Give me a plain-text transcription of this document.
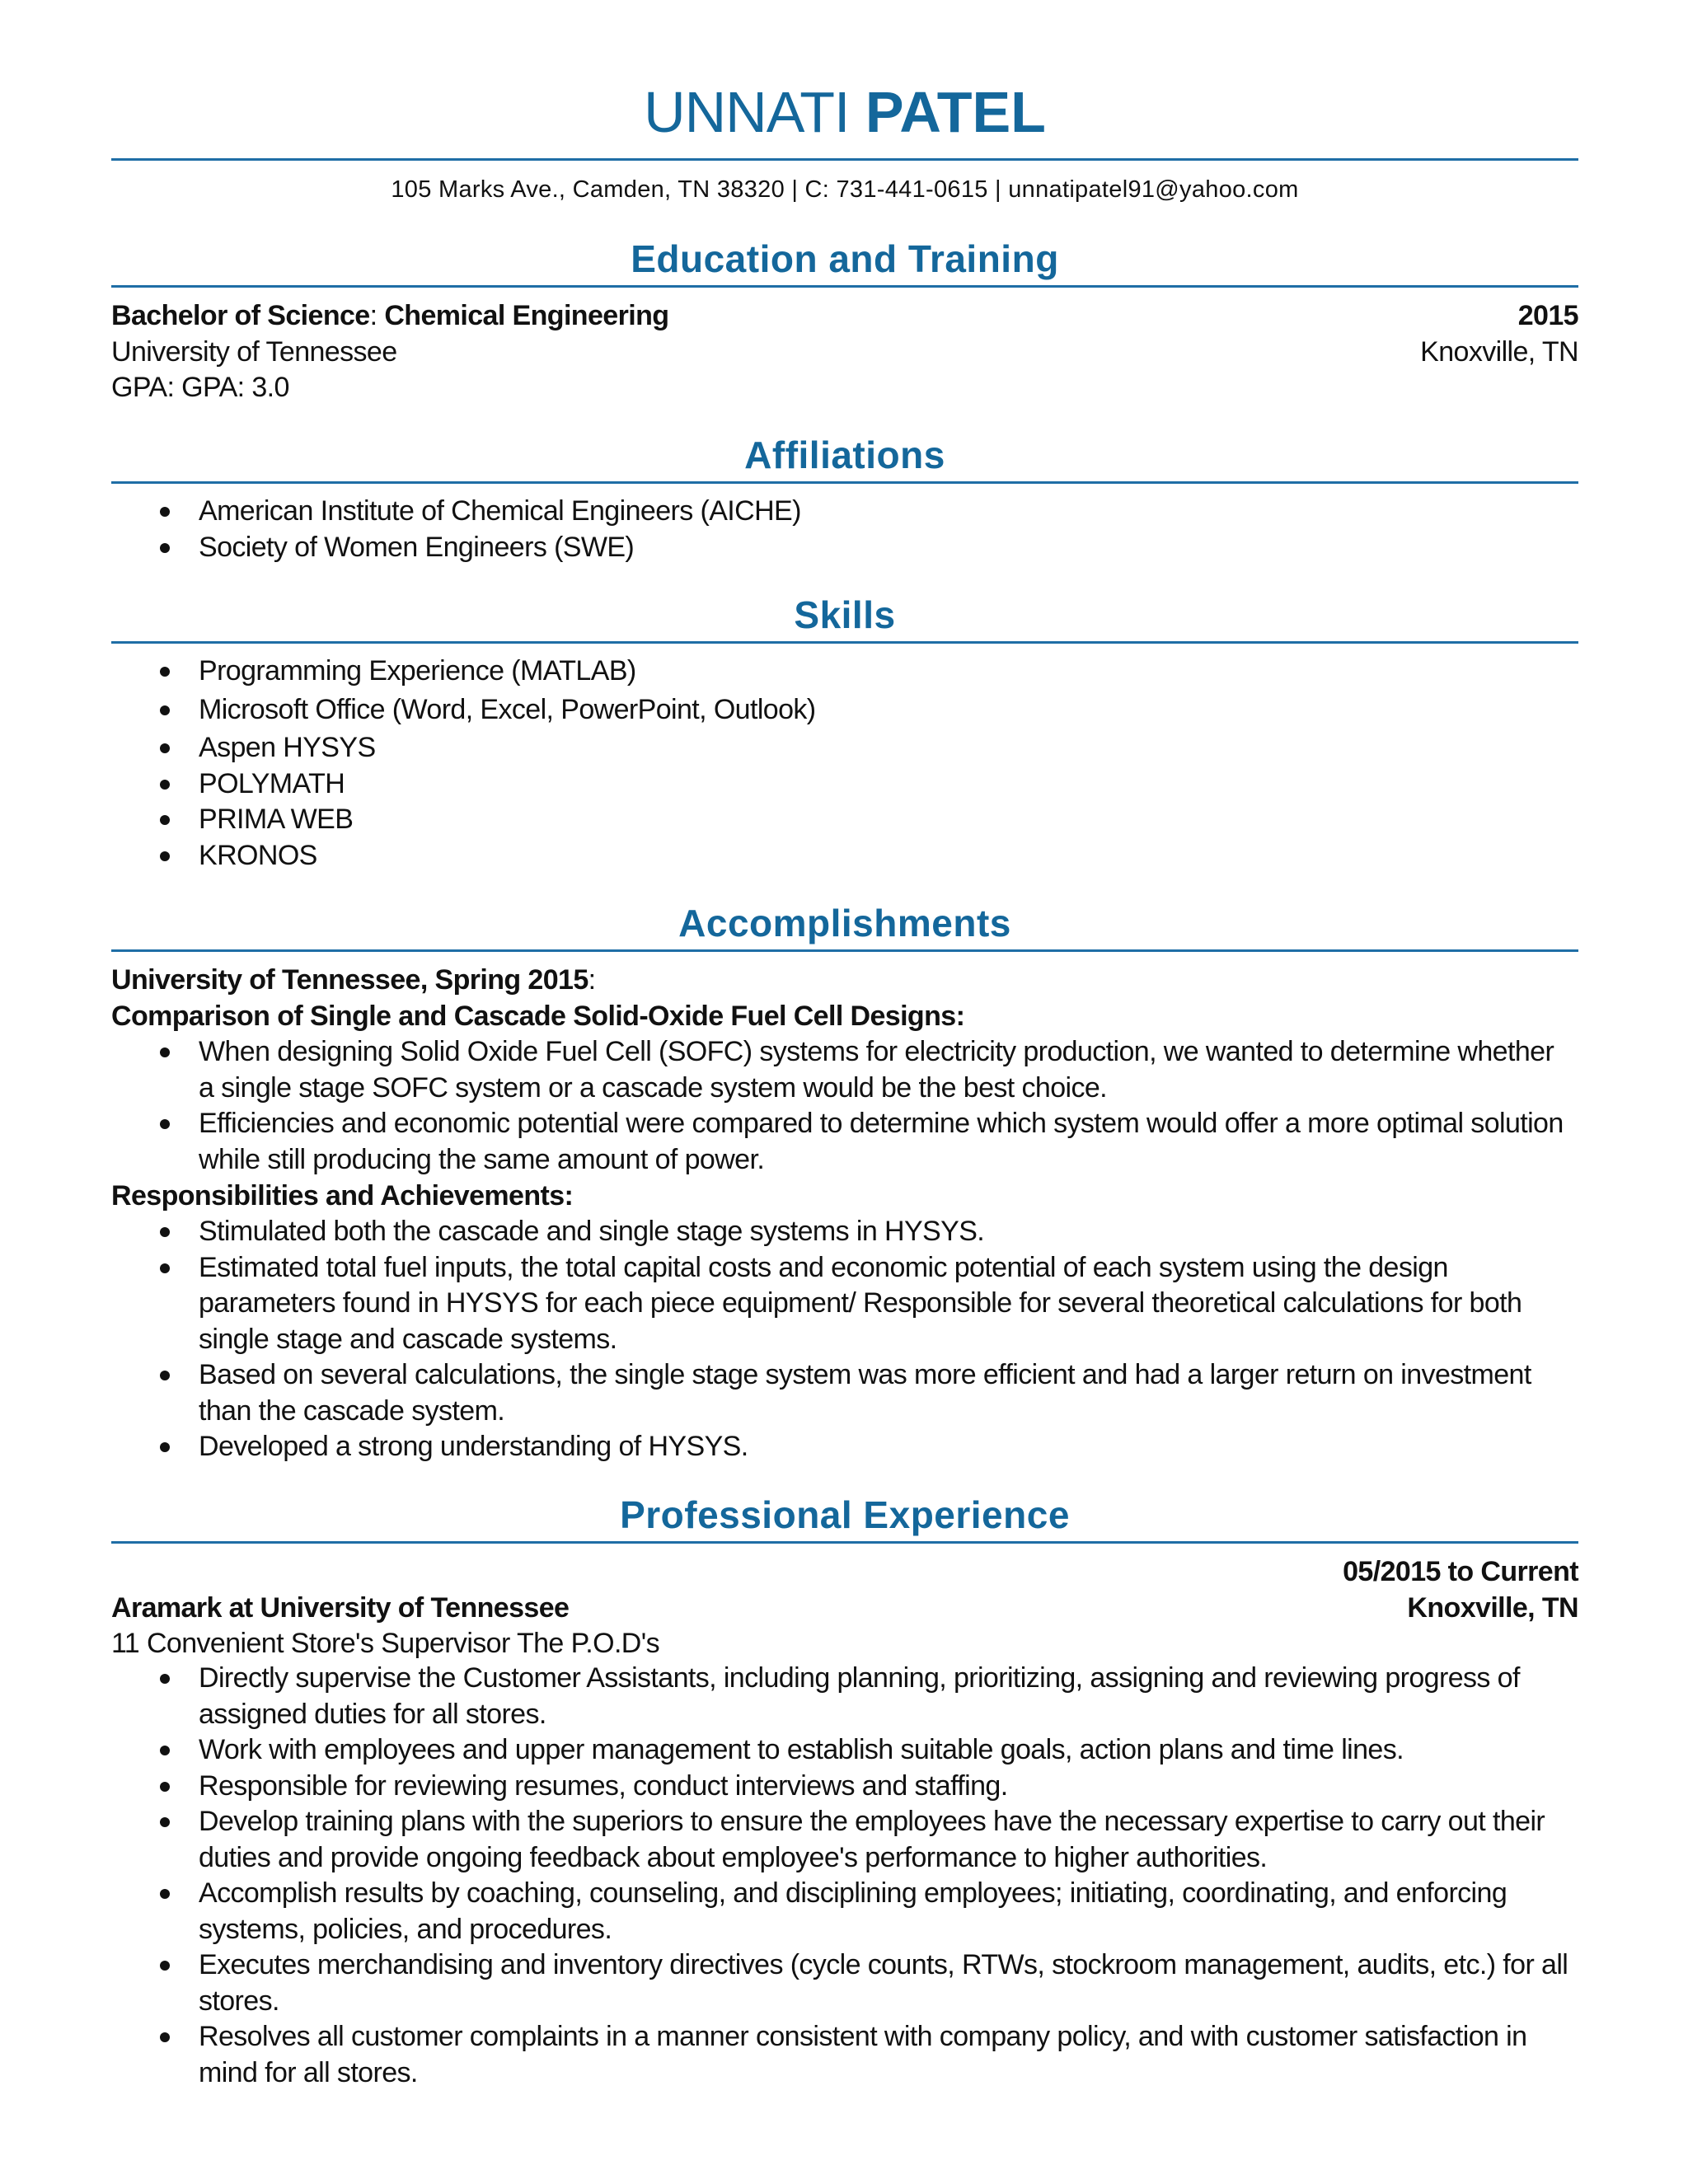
UNNATI PATEL
105 Marks Ave., Camden, TN 38320 | C: 731-441-0615 | unnatipatel91@yahoo.com
Education and Training
Bachelor of Science: Chemical Engineering	2015
University of Tennessee	Knoxville, TN
GPA: GPA: 3.0
Affiliations
American Institute of Chemical Engineers (AICHE)
Society of Women Engineers (SWE)
Skills
Programming Experience (MATLAB)
Microsoft Office (Word, Excel, PowerPoint, Outlook)
Aspen HYSYS
POLYMATH
PRIMA WEB
KRONOS
Accomplishments
University of Tennessee, Spring 2015:
Comparison of Single and Cascade Solid-Oxide Fuel Cell Designs:
When designing Solid Oxide Fuel Cell (SOFC) systems for electricity production, we wanted to determine whether a single stage SOFC system or a cascade system would be the best choice.
Efficiencies and economic potential were compared to determine which system would offer a more optimal solution while still producing the same amount of power.
Responsibilities and Achievements:
Stimulated both the cascade and single stage systems in HYSYS.
Estimated total fuel inputs, the total capital costs and economic potential of each system using the design parameters found in HYSYS for each piece equipment/ Responsible for several theoretical calculations for both single stage and cascade systems.
Based on several calculations, the single stage system was more efficient and had a larger return on investment than the cascade system.
Developed a strong understanding of HYSYS.
Professional Experience
05/2015 to Current
Aramark at University of Tennessee	Knoxville, TN
11 Convenient Store's Supervisor The P.O.D's
Directly supervise the Customer Assistants, including planning, prioritizing, assigning and reviewing progress of assigned duties for all stores.
Work with employees and upper management to establish suitable goals, action plans and time lines.
Responsible for reviewing resumes, conduct interviews and staffing.
Develop training plans with the superiors to ensure the employees have the necessary expertise to carry out their duties and provide ongoing feedback about employee's performance to higher authorities.
Accomplish results by coaching, counseling, and disciplining employees; initiating, coordinating, and enforcing systems, policies, and procedures.
Executes merchandising and inventory directives (cycle counts, RTWs, stockroom management, audits, etc.) for all stores.
Resolves all customer complaints in a manner consistent with company policy, and with customer satisfaction in mind for all stores.
